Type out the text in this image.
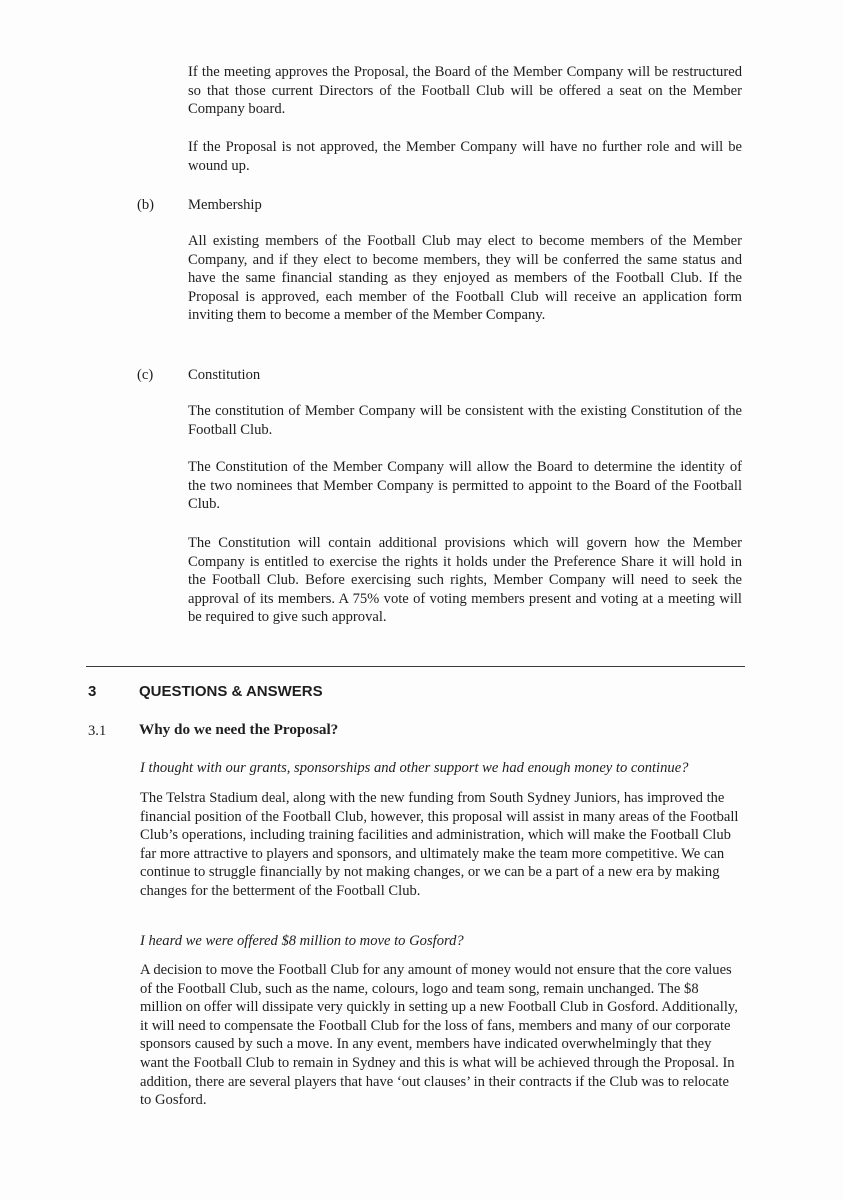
If the meeting approves the Proposal, the Board of the Member Company will be restructured so that those current Directors of the Football Club will be offered a seat on the Member Company board.

If the Proposal is not approved, the Member Company will have no further role and will be wound up.

(b) Membership

All existing members of the Football Club may elect to become members of the Member Company, and if they elect to become members, they will be conferred the same status and have the same financial standing as they enjoyed as members of the Football Club. If the Proposal is approved, each member of the Football Club will receive an application form inviting them to become a member of the Member Company.

(c) Constitution

The constitution of Member Company will be consistent with the existing Constitution of the Football Club.

The Constitution of the Member Company will allow the Board to determine the identity of the two nominees that Member Company is permitted to appoint to the Board of the Football Club.

The Constitution will contain additional provisions which will govern how the Member Company is entitled to exercise the rights it holds under the Preference Share it will hold in the Football Club. Before exercising such rights, Member Company will need to seek the approval of its members. A 75% vote of voting members present and voting at a meeting will be required to give such approval.

3	QUESTIONS & ANSWERS

3.1 Why do we need the Proposal?

I thought with our grants, sponsorships and other support we had enough money to continue?

The Telstra Stadium deal, along with the new funding from South Sydney Juniors, has improved the financial position of the Football Club, however, this proposal will assist in many areas of the Football Club’s operations, including training facilities and administration, which will make the Football Club far more attractive to players and sponsors, and ultimately make the team more competitive. We can continue to struggle financially by not making changes, or we can be a part of a new era by making changes for the betterment of the Football Club.

I heard we were offered $8 million to move to Gosford?

A decision to move the Football Club for any amount of money would not ensure that the core values of the Football Club, such as the name, colours, logo and team song, remain unchanged. The $8 million on offer will dissipate very quickly in setting up a new Football Club in Gosford. Additionally, it will need to compensate the Football Club for the loss of fans, members and many of our corporate sponsors caused by such a move. In any event, members have indicated overwhelmingly that they want the Football Club to remain in Sydney and this is what will be achieved through the Proposal. In addition, there are several players that have ‘out clauses’ in their contracts if the Club was to relocate to Gosford.
